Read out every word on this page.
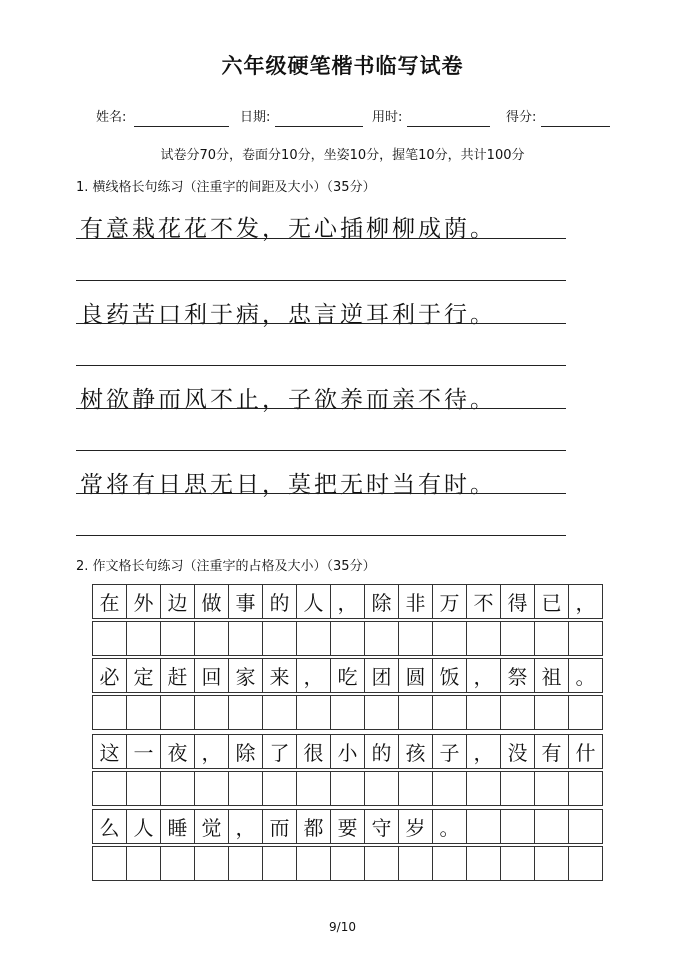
六年级硬笔楷书临写试卷
姓名:	日期:	用时:	得分:
试卷分70分，卷面分10分，坐姿10分，握笔10分，共计100分
1. 横线格长句练习（注重字的间距及大小）（35分）
有意栽花花不发，无心插柳柳成荫。
良药苦口利于病，忠言逆耳利于行。
树欲静而风不止，子欲养而亲不待。
常将有日思无日，莫把无时当有时。
2. 作文格长句练习（注重字的占格及大小）（35分）
在 外 边 做 事 的 人 ， 除 非 万 不 得 已 ，
必 定 赶 回 家 来 ， 吃 团 圆 饭 ， 祭 祖 。
这 一 夜 ， 除 了 很 小 的 孩 子 ， 没 有 什
么 人 睡 觉 ， 而 都 要 守 岁 。
9/10
